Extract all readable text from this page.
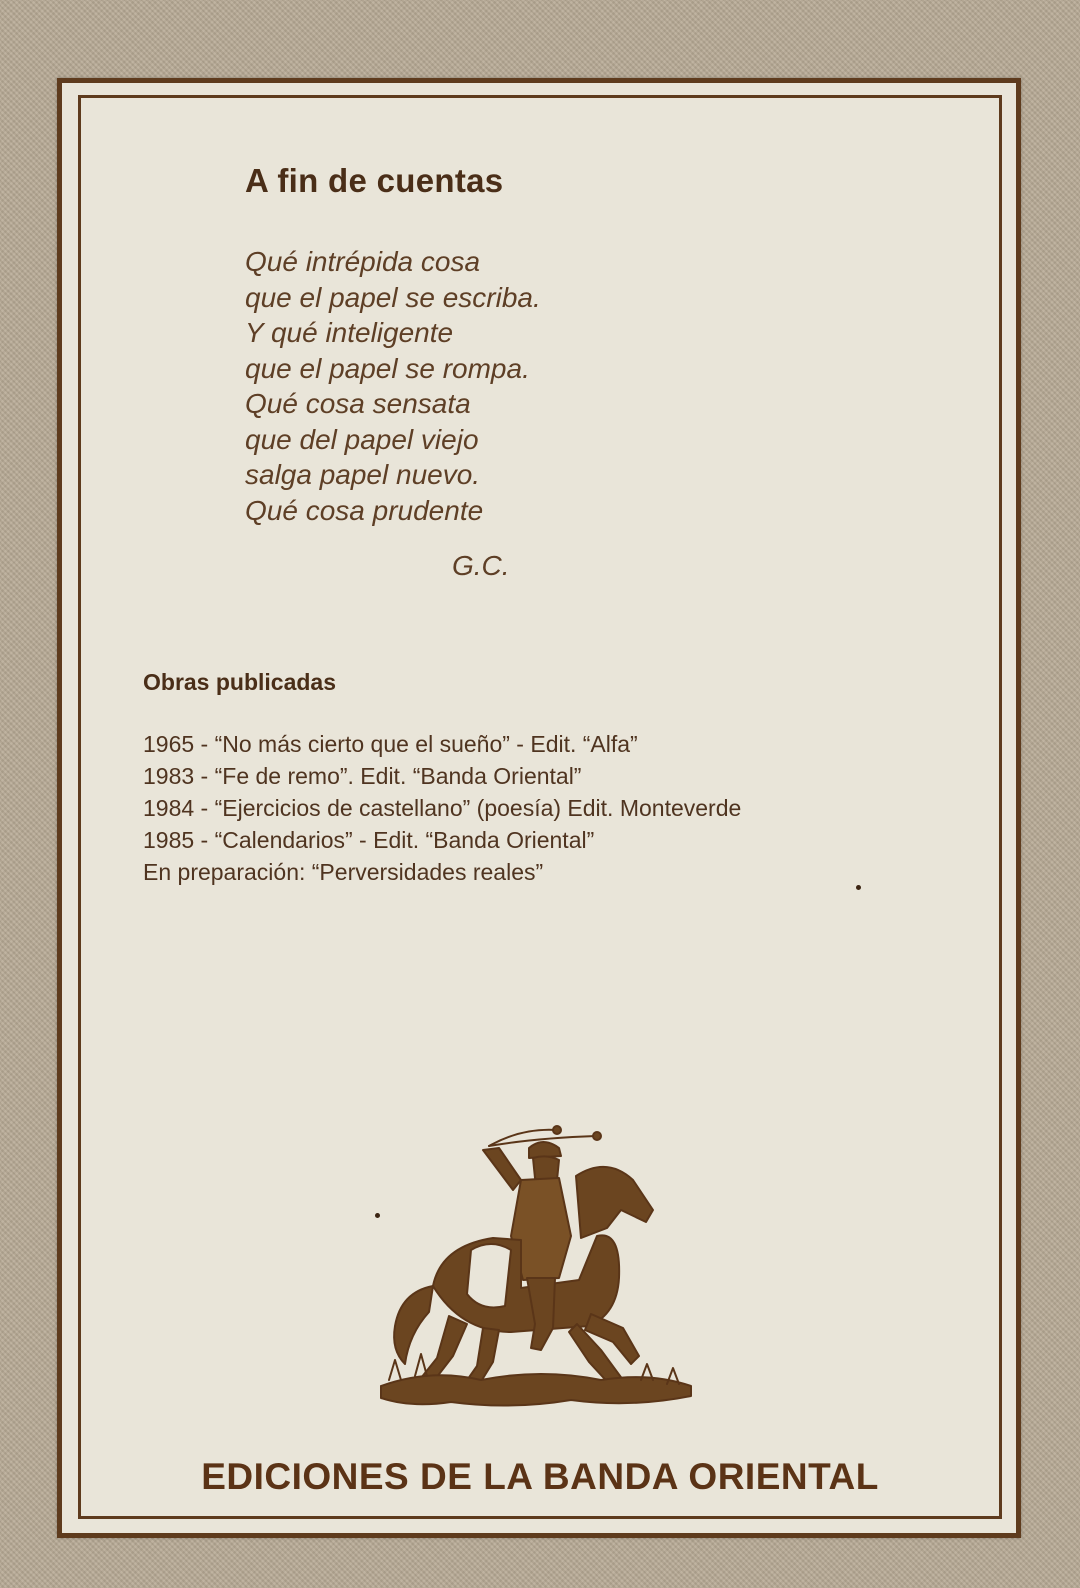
A fin de cuentas
Qué intrépida cosa
que el papel se escriba.
Y qué inteligente
que el papel se rompa.
Qué cosa sensata
que del papel viejo
salga papel nuevo.
Qué cosa prudente
G.C.
Obras publicadas
1965 - “No más cierto que el sueño” - Edit. “Alfa”
1983 - “Fe de remo”. Edit. “Banda Oriental”
1984 - “Ejercicios de castellano” (poesía) Edit. Monteverde
1985 - “Calendarios” - Edit. “Banda Oriental”
En preparación: “Perversidades reales”
EDICIONES DE LA BANDA ORIENTAL
